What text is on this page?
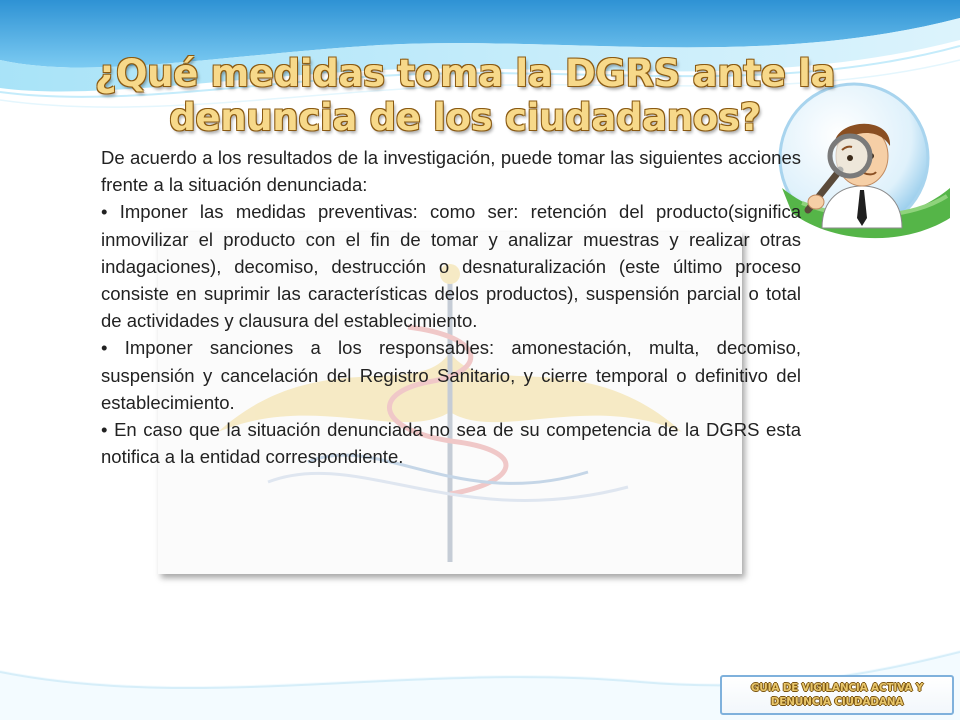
¿Qué medidas toma la DGRS ante la denuncia de los ciudadanos?

De acuerdo a los resultados de la investigación, puede tomar las siguientes acciones frente a la situación denunciada:

• Imponer las medidas preventivas: como ser: retención del producto(significa inmovilizar el producto con el fin de tomar y analizar muestras y realizar otras indagaciones), decomiso, destrucción o desnaturalización (este último proceso consiste en suprimir las características delos productos), suspensión parcial o total de actividades y clausura del establecimiento.

• Imponer sanciones a los responsables: amonestación, multa, decomiso, suspensión y cancelación del Registro Sanitario, y cierre temporal o definitivo del establecimiento.

• En caso que la situación denunciada no sea de su competencia de la DGRS esta notifica a la entidad correspondiente.

GUIA DE VIGILANCIA ACTIVA Y
DENUNCIA CIUDADANA
